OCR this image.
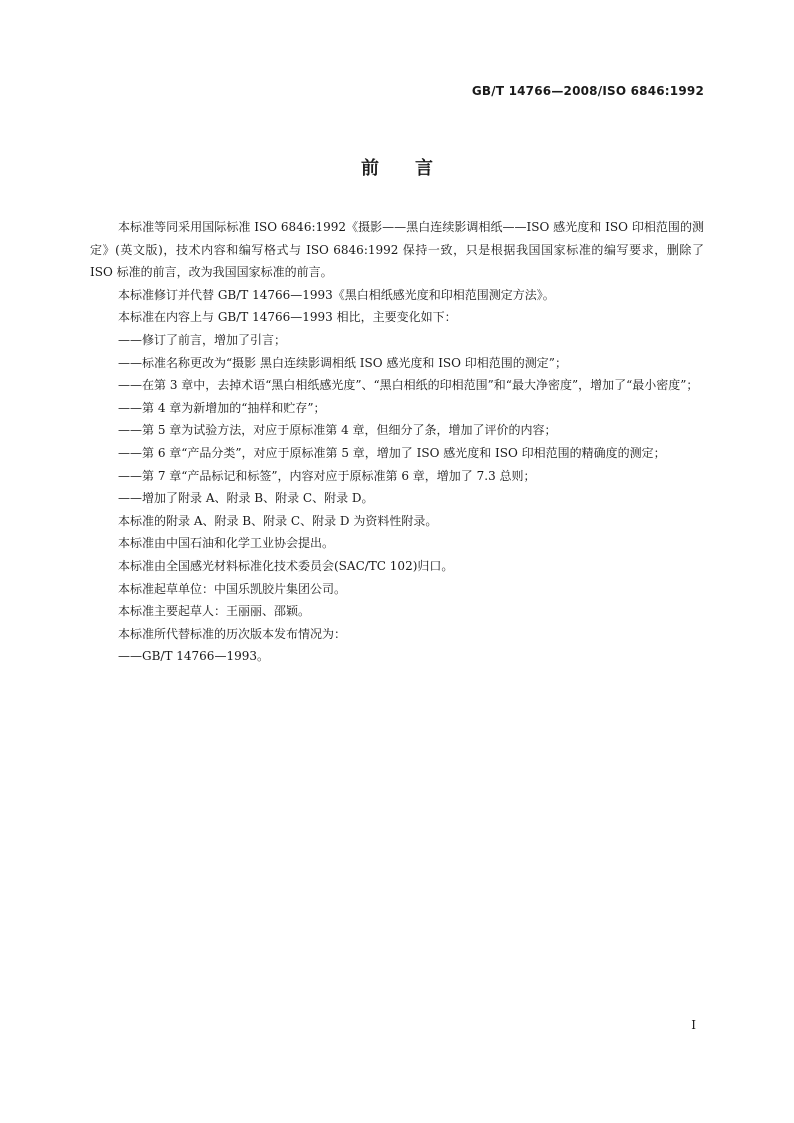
GB/T 14766—2008/ISO 6846:1992
前言

本标准等同采用国际标准 ISO 6846:1992《摄影——黑白连续影调相纸——ISO 感光度和 ISO 印相范围的测定》(英文版)，技术内容和编写格式与 ISO 6846:1992 保持一致，只是根据我国国家标准的编写要求，删除了 ISO 标准的前言，改为我国国家标准的前言。

本标准修订并代替 GB/T 14766—1993《黑白相纸感光度和印相范围测定方法》。

本标准在内容上与 GB/T 14766—1993 相比，主要变化如下：

—— 修订了前言，增加了引言；
—— 标准名称更改为“摄影 黑白连续影调相纸 ISO 感光度和 ISO 印相范围的测定”；
—— 在第 3 章中，去掉术语“黑白相纸感光度”、“黑白相纸的印相范围”和“最大净密度”，增加了“最小密度”；
—— 第 4 章为新增加的“抽样和贮存”；
—— 第 5 章为试验方法，对应于原标准第 4 章，但细分了条，增加了评价的内容；
—— 第 6 章“产品分类”，对应于原标准第 5 章，增加了 ISO 感光度和 ISO 印相范围的精确度的测定；
—— 第 7 章“产品标记和标签”，内容对应于原标准第 6 章，增加了 7.3 总则；
—— 增加了附录 A、附录 B、附录 C、附录 D。

本标准的附录 A、附录 B、附录 C、附录 D 为资料性附录。

本标准由中国石油和化学工业协会提出。

本标准由全国感光材料标准化技术委员会(SAC/TC 102)归口。

本标准起草单位：中国乐凯胶片集团公司。

本标准主要起草人：王丽丽、邵颖。

本标准所代替标准的历次版本发布情况为：

—— GB/T 14766—1993。
I
